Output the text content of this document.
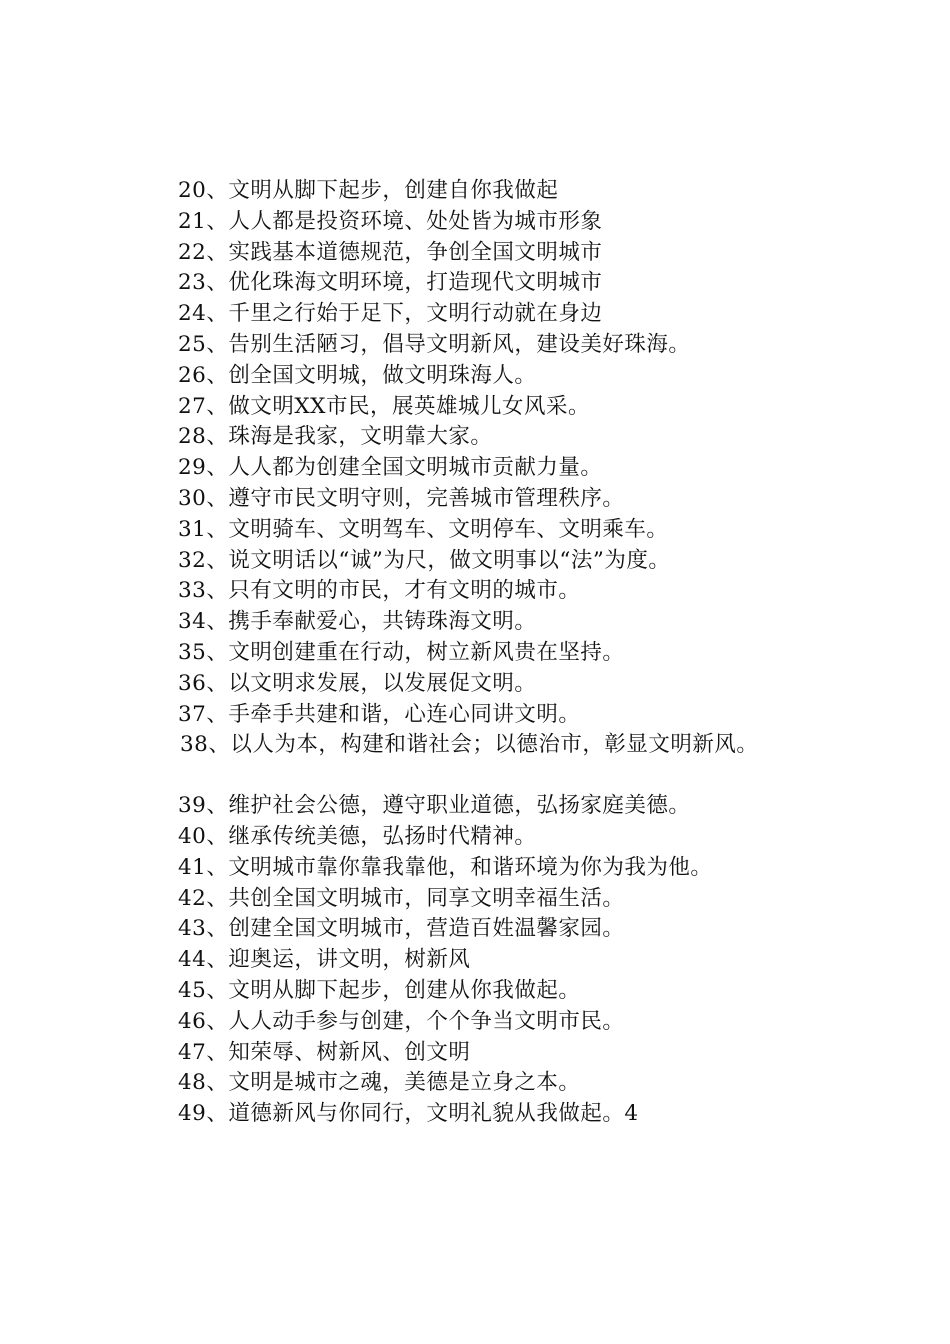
20、文明从脚下起步，创建自你我做起
21、人人都是投资环境、处处皆为城市形象
22、实践基本道德规范，争创全国文明城市
23、优化珠海文明环境，打造现代文明城市
24、千里之行始于足下，文明行动就在身边
25、告别生活陋习，倡导文明新风，建设美好珠海。
26、创全国文明城，做文明珠海人。
27、做文明XX市民，展英雄城儿女风采。
28、珠海是我家，文明靠大家。
29、人人都为创建全国文明城市贡献力量。
30、遵守市民文明守则，完善城市管理秩序。
31、文明骑车、文明驾车、文明停车、文明乘车。
32、说文明话以“诚”为尺，做文明事以“法”为度。
33、只有文明的市民，才有文明的城市。
34、携手奉献爱心，共铸珠海文明。
35、文明创建重在行动，树立新风贵在坚持。
36、以文明求发展，以发展促文明。
37、手牵手共建和谐，心连心同讲文明。
38、以人为本，构建和谐社会；以德治市，彰显文明新风。
39、维护社会公德，遵守职业道德，弘扬家庭美德。
40、继承传统美德，弘扬时代精神。
41、文明城市靠你靠我靠他，和谐环境为你为我为他。
42、共创全国文明城市，同享文明幸福生活。
43、创建全国文明城市，营造百姓温馨家园。
44、迎奥运，讲文明，树新风
45、文明从脚下起步，创建从你我做起。
46、人人动手参与创建，个个争当文明市民。
47、知荣辱、树新风、创文明
48、文明是城市之魂，美德是立身之本。
49、道德新风与你同行，文明礼貌从我做起。4
